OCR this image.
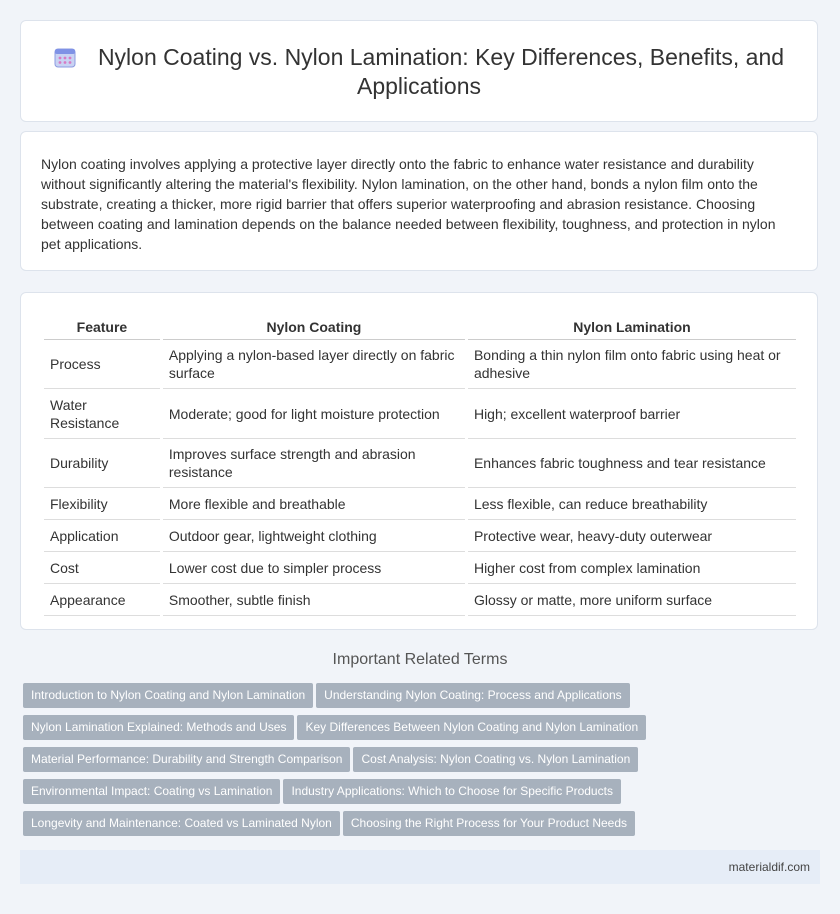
Nylon Coating vs. Nylon Lamination: Key Differences, Benefits, and Applications

Nylon coating involves applying a protective layer directly onto the fabric to enhance water resistance and durability without significantly altering the material's flexibility. Nylon lamination, on the other hand, bonds a nylon film onto the substrate, creating a thicker, more rigid barrier that offers superior waterproofing and abrasion resistance. Choosing between coating and lamination depends on the balance needed between flexibility, toughness, and protection in nylon pet applications.

Feature	Nylon Coating	Nylon Lamination
Process	Applying a nylon-based layer directly on fabric surface	Bonding a thin nylon film onto fabric using heat or adhesive
Water Resistance	Moderate; good for light moisture protection	High; excellent waterproof barrier
Durability	Improves surface strength and abrasion resistance	Enhances fabric toughness and tear resistance
Flexibility	More flexible and breathable	Less flexible, can reduce breathability
Application	Outdoor gear, lightweight clothing	Protective wear, heavy-duty outerwear
Cost	Lower cost due to simpler process	Higher cost from complex lamination
Appearance	Smoother, subtle finish	Glossy or matte, more uniform surface
Important Related Terms
Introduction to Nylon Coating and Nylon Lamination Understanding Nylon Coating: Process and Applications
Nylon Lamination Explained: Methods and Uses Key Differences Between Nylon Coating and Nylon Lamination
Material Performance: Durability and Strength Comparison Cost Analysis: Nylon Coating vs. Nylon Lamination
Environmental Impact: Coating vs Lamination Industry Applications: Which to Choose for Specific Products
Longevity and Maintenance: Coated vs Laminated Nylon Choosing the Right Process for Your Product Needs
materialdif.com
